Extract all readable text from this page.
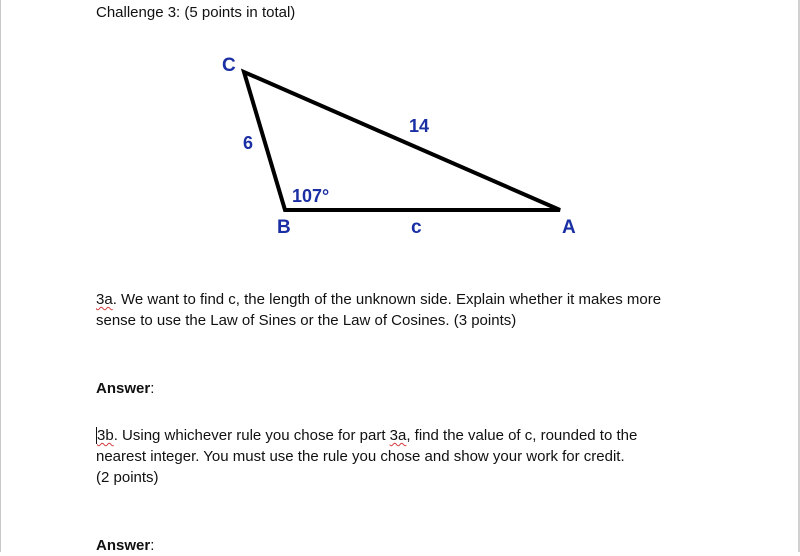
Challenge 3: (5 points in total)
C
B	A
6
14
c
107°
3a. We want to find c, the length of the unknown side. Explain whether it makes more
sense to use the Law of Sines or the Law of Cosines. (3 points)
Answer:
3b. Using whichever rule you chose for part 3a, find the value of c, rounded to the
nearest integer. You must use the rule you chose and show your work for credit.
(2 points)
Answer:
